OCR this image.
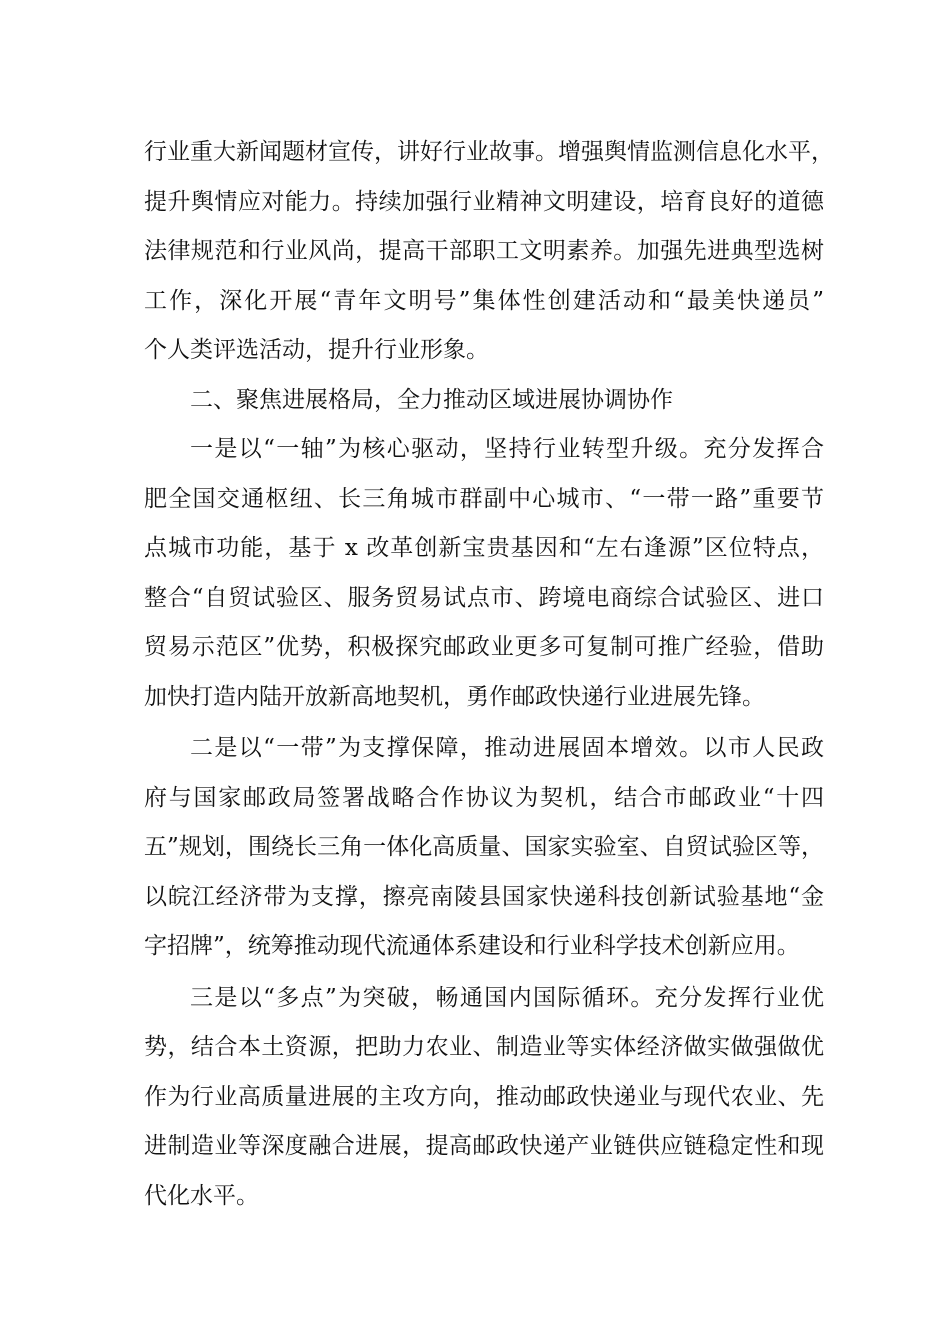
行业重大新闻题材宣传，讲好行业故事。增强舆情监测信息化水平，
提升舆情应对能力。持续加强行业精神文明建设，培育良好的道德
法律规范和行业风尚，提高干部职工文明素养。加强先进典型选树
工作，深化开展“青年文明号”集体性创建活动和“最美快递员”
个人类评选活动，提升行业形象。
二、聚焦进展格局，全力推动区域进展协调协作
一是以“一轴”为核心驱动，坚持行业转型升级。充分发挥合
肥全国交通枢纽、长三角城市群副中心城市、“一带一路”重要节
点城市功能，基于 x 改革创新宝贵基因和“左右逢源”区位特点，
整合“自贸试验区、服务贸易试点市、跨境电商综合试验区、进口
贸易示范区”优势，积极探究邮政业更多可复制可推广经验，借助
加快打造内陆开放新高地契机，勇作邮政快递行业进展先锋。
二是以“一带”为支撑保障，推动进展固本增效。以市人民政
府与国家邮政局签署战略合作协议为契机，结合市邮政业“十四
五”规划，围绕长三角一体化高质量、国家实验室、自贸试验区等，
以皖江经济带为支撑，擦亮南陵县国家快递科技创新试验基地“金
字招牌”，统筹推动现代流通体系建设和行业科学技术创新应用。
三是以“多点”为突破，畅通国内国际循环。充分发挥行业优
势，结合本土资源，把助力农业、制造业等实体经济做实做强做优
作为行业高质量进展的主攻方向，推动邮政快递业与现代农业、先
进制造业等深度融合进展，提高邮政快递产业链供应链稳定性和现
代化水平。
